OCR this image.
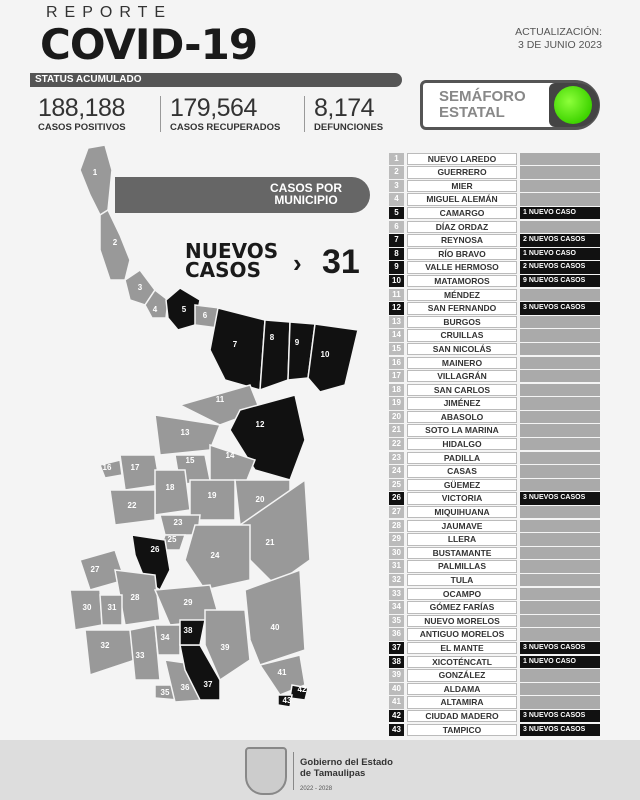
REPORTE
COVID-19	ACTUALIZACIÓN:
3 DE JUNIO 2023
STATUS ACUMULADO
188,188
CASOS POSITIVOS
179,564
CASOS RECUPERADOS
8,174
DEFUNCIONES
SEMÁFORO
ESTATAL
1
2
3
4	5
6
7
8
9
10
11
12
13
14
15
16 17
18
19	20
21
22
23
24
25
26
27
28
29
30 31
32
33
34
35
36 37
38
39
40
41
42
43
CASOS POR
MUNICIPIO
NUEVOS
CASOS	› 31
1	NUEVO LAREDO
2	GUERRERO
3	MIER
4	MIGUEL ALEMÁN
5	CAMARGO	1 NUEVO CASO
6	DÍAZ ORDAZ
7	REYNOSA	2 NUEVOS CASOS
8	RÍO BRAVO	1 NUEVO CASO
9	VALLE HERMOSO	2 NUEVOS CASOS
10	MATAMOROS	9 NUEVOS CASOS
11	MÉNDEZ
12	SAN FERNANDO	3 NUEVOS CASOS
13	BURGOS
14	CRUILLAS
15	SAN NICOLÁS
16	MAINERO
17	VILLAGRÁN
18	SAN CARLOS
19	JIMÉNEZ
20	ABASOLO
21	SOTO LA MARINA
22	HIDALGO
23	PADILLA
24	CASAS
25	GÜEMEZ
26	VICTORIA	3 NUEVOS CASOS
27	MIQUIHUANA
28	JAUMAVE
29	LLERA
30	BUSTAMANTE
31	PALMILLAS
32	TULA
33	OCAMPO
34	GÓMEZ FARÍAS
35	NUEVO MORELOS
36	ANTIGUO MORELOS
37	EL MANTE	3 NUEVOS CASOS
38	XICOTÉNCATL	1 NUEVO CASO
39	GONZÁLEZ
40	ALDAMA
41	ALTAMIRA
42	CIUDAD MADERO	3 NUEVOS CASOS
43	TAMPICO	3 NUEVOS CASOS
Gobierno del Estado
de Tamaulipas
2022 - 2028
